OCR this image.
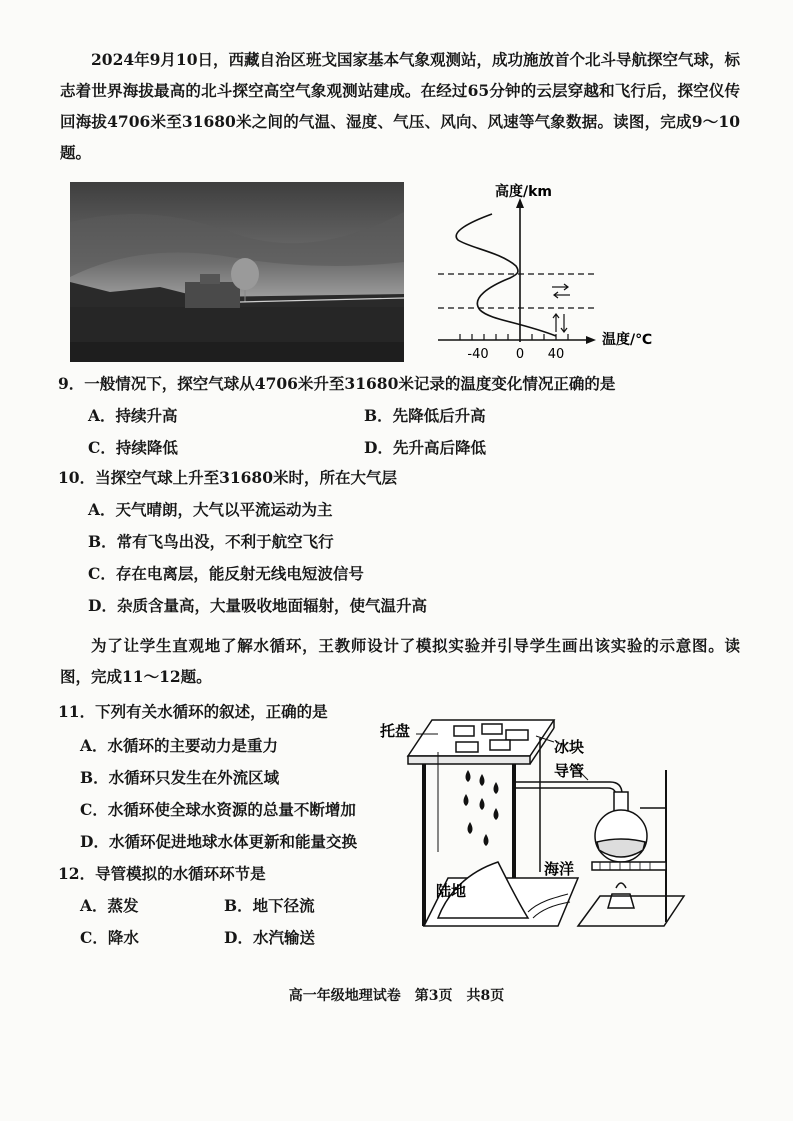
2024年9月10日，西藏自治区班戈国家基本气象观测站，成功施放首个北斗导航探空气球，标志着世界海拔最高的北斗探空高空气象观测站建成。在经过65分钟的云层穿越和飞行后，探空仪传回海拔4706米至31680米之间的气温、湿度、气压、风向、风速等气象数据。读图，完成9～10题。

高度/km
温度/℃
-40 0 40

9．一般情况下，探空气球从4706米升至31680米记录的温度变化情况正确的是

A．持续升高	B．先降低后升高
C．持续降低	D．先升高后降低

10．当探空气球上升至31680米时，所在大气层

A．天气晴朗，大气以平流运动为主
B．常有飞鸟出没，不利于航空飞行
C．存在电离层，能反射无线电短波信号
D．杂质含量高，大量吸收地面辐射，使气温升高

为了让学生直观地了解水循环，王教师设计了模拟实验并引导学生画出该实验的示意图。读图，完成11～12题。

11．下列有关水循环的叙述，正确的是

A．水循环的主要动力是重力
B．水循环只发生在外流区域
C．水循环使全球水资源的总量不断增加
D．水循环促进地球水体更新和能量交换

12．导管模拟的水循环环节是

A．蒸发	B．地下径流
C．降水	D．水汽输送
托盘
冰块
导管
海洋
陆地
高一年级地理试卷　第3页　共8页
